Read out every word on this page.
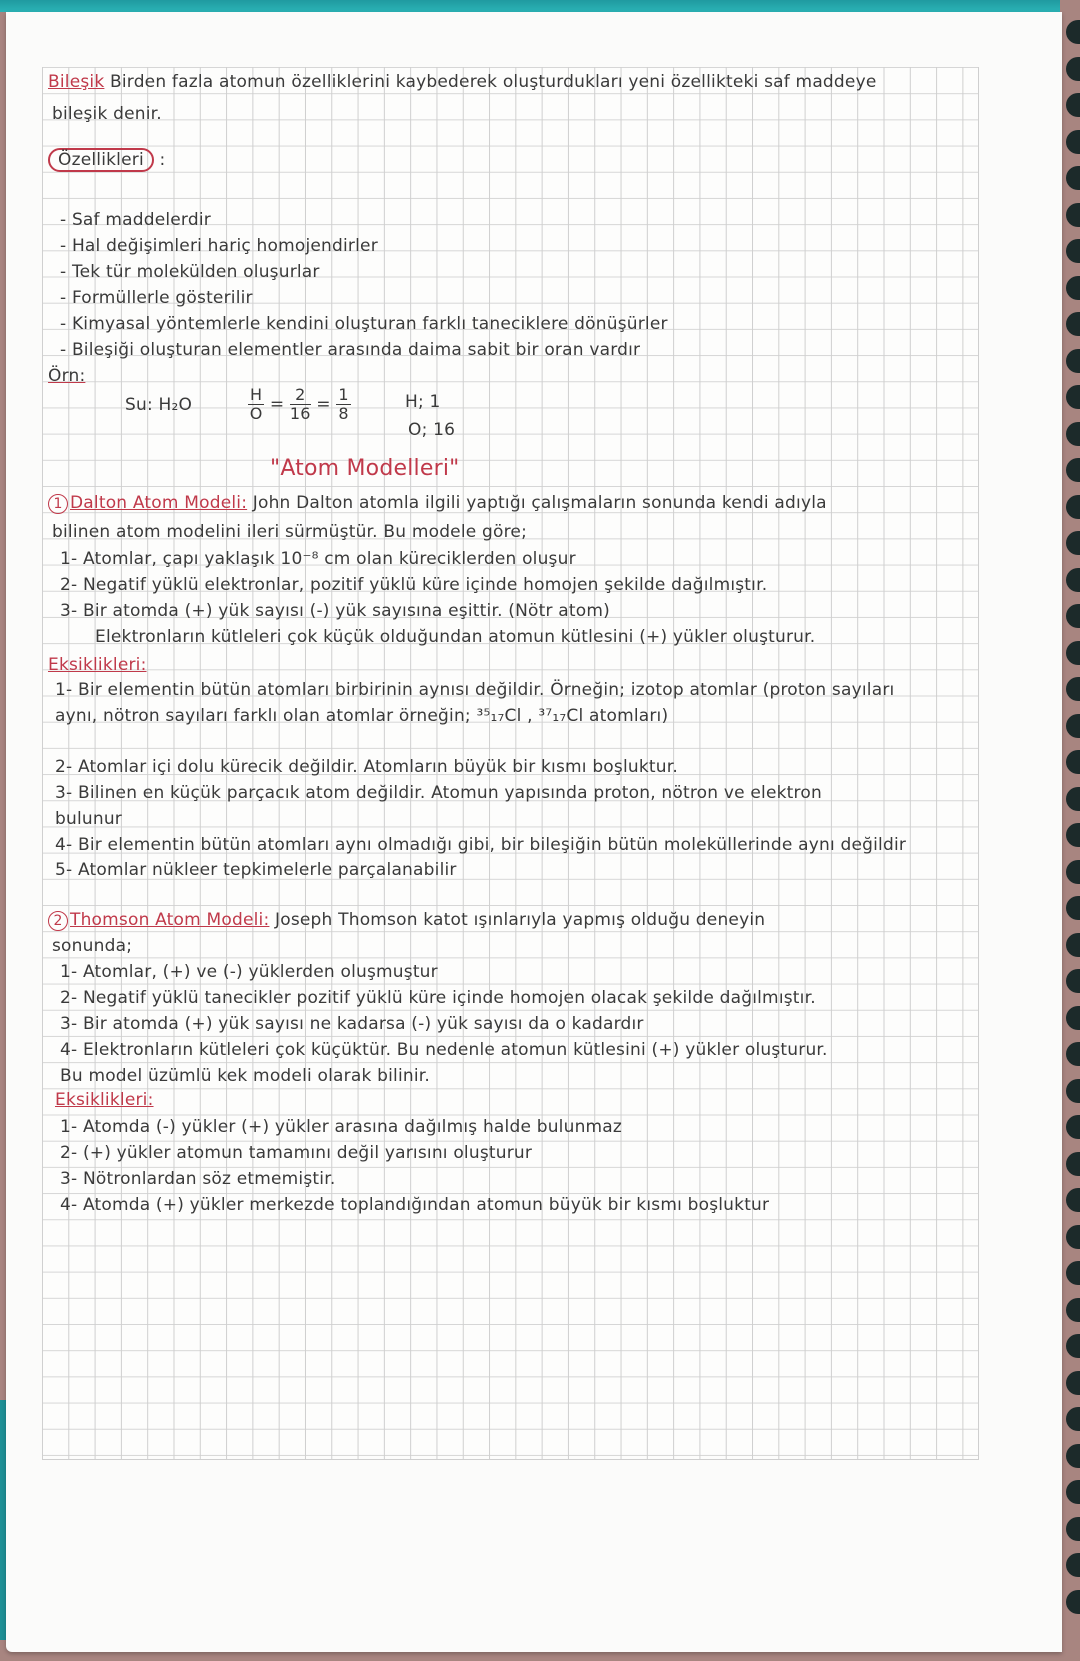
Bileşik Birden fazla atomun özelliklerini kaybederek oluşturdukları yeni özellikteki saf maddeye
bileşik denir.
Özellikleri :
- Saf maddelerdir
- Hal değişimleri hariç homojendirler
- Tek tür molekülden oluşurlar
- Formüllerle gösterilir
- Kimyasal yöntemlerle kendini oluşturan farklı taneciklere dönüşürler
- Bileşiği oluşturan elementler arasında daima sabit bir oran vardır
Örn:
Su: H₂O	$\frac{H}{O} = \frac{2}{16} = \frac{1}{8}$	H; 1
O; 16
"Atom Modelleri"
1 Dalton Atom Modeli: John Dalton atomla ilgili yaptığı çalışmaların sonunda kendi adıyla
bilinen atom modelini ileri sürmüştür. Bu modele göre;
1- Atomlar, çapı yaklaşık 10⁻⁸ cm olan küreciklerden oluşur
2- Negatif yüklü elektronlar, pozitif yüklü küre içinde homojen şekilde dağılmıştır.
3- Bir atomda (+) yük sayısı (-) yük sayısına eşittir. (Nötr atom)
Elektronların kütleleri çok küçük olduğundan atomun kütlesini (+) yükler oluşturur.
Eksiklikleri:
1- Bir elementin bütün atomları birbirinin aynısı değildir. Örneğin; izotop atomlar (proton sayıları
aynı, nötron sayıları farklı olan atomlar örneğin; ³⁵₁₇Cl , ³⁷₁₇Cl atomları)
2- Atomlar içi dolu kürecik değildir. Atomların büyük bir kısmı boşluktur.
3- Bilinen en küçük parçacık atom değildir. Atomun yapısında proton, nötron ve elektron
bulunur
4- Bir elementin bütün atomları aynı olmadığı gibi, bir bileşiğin bütün moleküllerinde aynı değildir
5- Atomlar nükleer tepkimelerle parçalanabilir
2 Thomson Atom Modeli: Joseph Thomson katot ışınlarıyla yapmış olduğu deneyin
sonunda;
1- Atomlar, (+) ve (-) yüklerden oluşmuştur
2- Negatif yüklü tanecikler pozitif yüklü küre içinde homojen olacak şekilde dağılmıştır.
3- Bir atomda (+) yük sayısı ne kadarsa (-) yük sayısı da o kadardır
4- Elektronların kütleleri çok küçüktür. Bu nedenle atomun kütlesini (+) yükler oluşturur.
Bu model üzümlü kek modeli olarak bilinir.
Eksiklikleri:
1- Atomda (-) yükler (+) yükler arasına dağılmış halde bulunmaz
2- (+) yükler atomun tamamını değil yarısını oluşturur
3- Nötronlardan söz etmemiştir.
4- Atomda (+) yükler merkezde toplandığından atomun büyük bir kısmı boşluktur
